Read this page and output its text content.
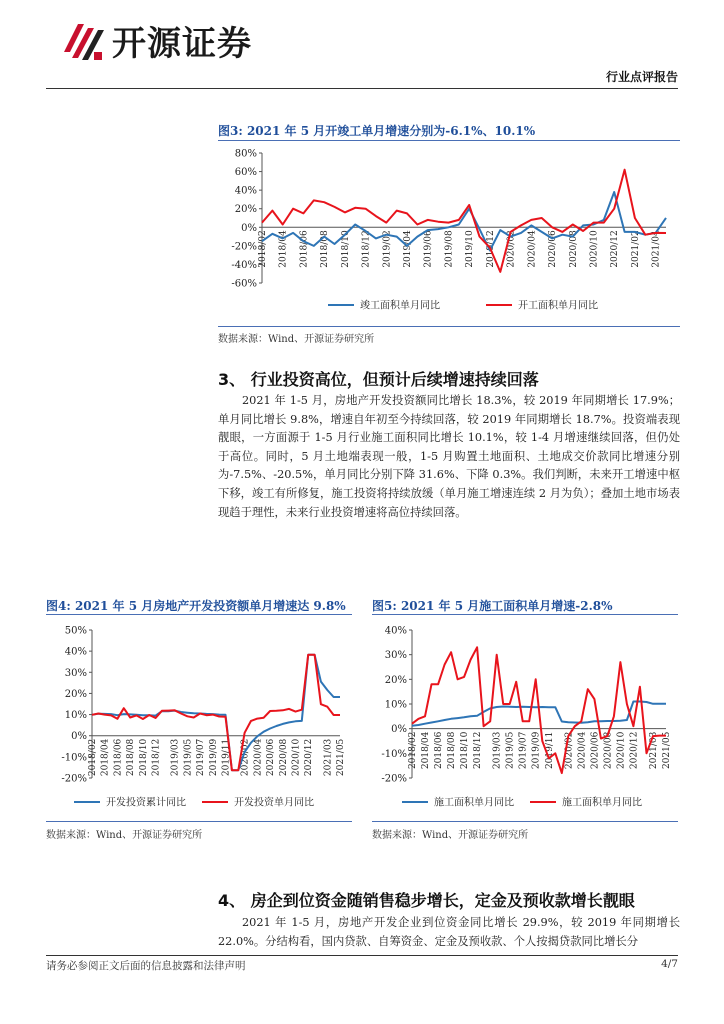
开源证券
行业点评报告
图3: 2021 年 5 月开竣工单月增速分别为-6.1%、10.1%
80%
60%
40%
20%
0%
-20%
-40%
-60%
2018/02 2018/04 2018/06 2018/08 2018/10 2018/12 2019/02 2019/04 2019/06 2019/08 2019/10 2019/12 2020/02 2020/04 2020/06 2020/08 2020/10 2020/12 2021/02 2021/04
竣工面积单月同比	开工面积单月同比
数据来源：Wind、开源证券研究所
3、 行业投资高位，但预计后续增速持续回落
2021 年 1-5 月，房地产开发投资额同比增长 18.3%，较 2019 年同期增长 17.9%；单月同比增长 9.8%，增速自年初至今持续回落，较 2019 年同期增长 18.7%。投资端表现靓眼，一方面源于 1-5 月行业施工面积同比增长 10.1%，较 1-4 月增速继续回落，但仍处于高位。同时，5 月土地端表现一般，1-5 月购置土地面积、土地成交价款同比增速分别为-7.5%、-20.5%，单月同比分别下降 31.6%、下降 0.3%。我们判断，未来开工增速中枢下移，竣工有所修复，施工投资将持续放缓（单月施工增速连续 2 月为负）；叠加土地市场表现趋于理性，未来行业投资增速将高位持续回落。
图4: 2021 年 5 月房地产开发投资额单月增速达 9.8%
50%
40%
30%
20%
10%
0%
-10%
-20%
2018/02 2018/04 2018/06 2018/08 2018/10 2018/12 2019/03 2019/05 2019/07 2019/09 2019/11 2020/02 2020/04 2020/06 2020/08 2020/10 2020/12 2021/03 2021/05
开发投资累计同比	开发投资单月同比
数据来源：Wind、开源证券研究所
图5: 2021 年 5 月施工面积单月增速-2.8%
40%
30%
20%
10%
0%
-10%
-20%
2018/02 2018/04 2018/06 2018/08 2018/10 2018/12 2019/03 2019/05 2019/07 2019/09 2019/11 2020/02 2020/04 2020/06 2020/08 2020/10 2020/12 2021/03 2021/05
施工面积单月同比	施工面积单月同比
数据来源：Wind、开源证券研究所
4、 房企到位资金随销售稳步增长，定金及预收款增长靓眼
2021 年 1-5 月，房地产开发企业到位资金同比增长 29.9%，较 2019 年同期增长 22.0%。分结构看，国内贷款、自筹资金、定金及预收款、个人按揭贷款同比增长分
请务必参阅正文后面的信息披露和法律声明	4/7
